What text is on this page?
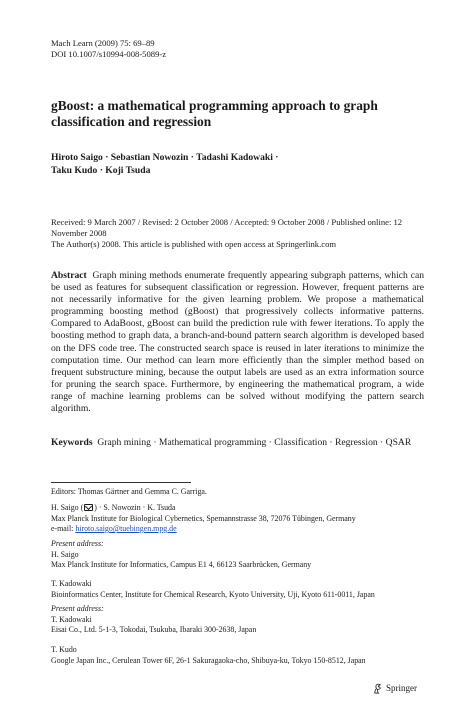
Mach Learn (2009) 75: 69–89

DOI 10.1007/s10994-008-5089-z

gBoost: a mathematical programming approach to graph

classification and regression

Hiroto Saigo · Sebastian Nowozin · Tadashi Kadowaki ·

Taku Kudo · Koji Tsuda

Received: 9 March 2007 / Revised: 2 October 2008 / Accepted: 9 October 2008 / Published online: 12

November 2008

The Author(s) 2008. This article is published with open access at Springerlink.com

Abstract Graph mining methods enumerate frequently appearing subgraph patterns, which can be used as features for subsequent classification or regression. However, frequent patterns are not necessarily informative for the given learning problem. We propose a mathematical programming boosting method (gBoost) that progressively collects informative patterns. Compared to AdaBoost, gBoost can build the prediction rule with fewer iterations. To apply the boosting method to graph data, a branch-and-bound pattern search algorithm is developed based on the DFS code tree. The constructed search space is reused in later iterations to minimize the computation time. Our method can learn more efficiently than the simpler method based on frequent substructure mining, because the output labels are used as an extra information source for pruning the search space. Furthermore, by engineering the mathematical program, a wide range of machine learning problems can be solved without modifying the pattern search algorithm.
Keywords Graph mining · Mathematical programming · Classification · Regression · QSAR

Editors: Thomas Gärtner and Gemma C. Garriga.

H. Saigo ( ) · S. Nowozin · K. Tsuda

Max Planck Institute for Biological Cybernetics, Spemannstrasse 38, 72076 Tübingen, Germany

e-mail: hiroto.saigo@tuebingen.mpg.de

Present address:

H. Saigo

Max Planck Institute for Informatics, Campus E1 4, 66123 Saarbrücken, Germany

T. Kadowaki

Bioinformatics Center, Institute for Chemical Research, Kyoto University, Uji, Kyoto 611-0011, Japan

Present address:

T. Kadowaki

Eisai Co., Ltd. 5-1-3, Tokodai, Tsukuba, Ibaraki 300-2638, Japan

T. Kudo

Google Japan Inc., Cerulean Tower 6F, 26-1 Sakuragaoka-cho, Shibuya-ku, Tokyo 150-8512, Japan

Springer
